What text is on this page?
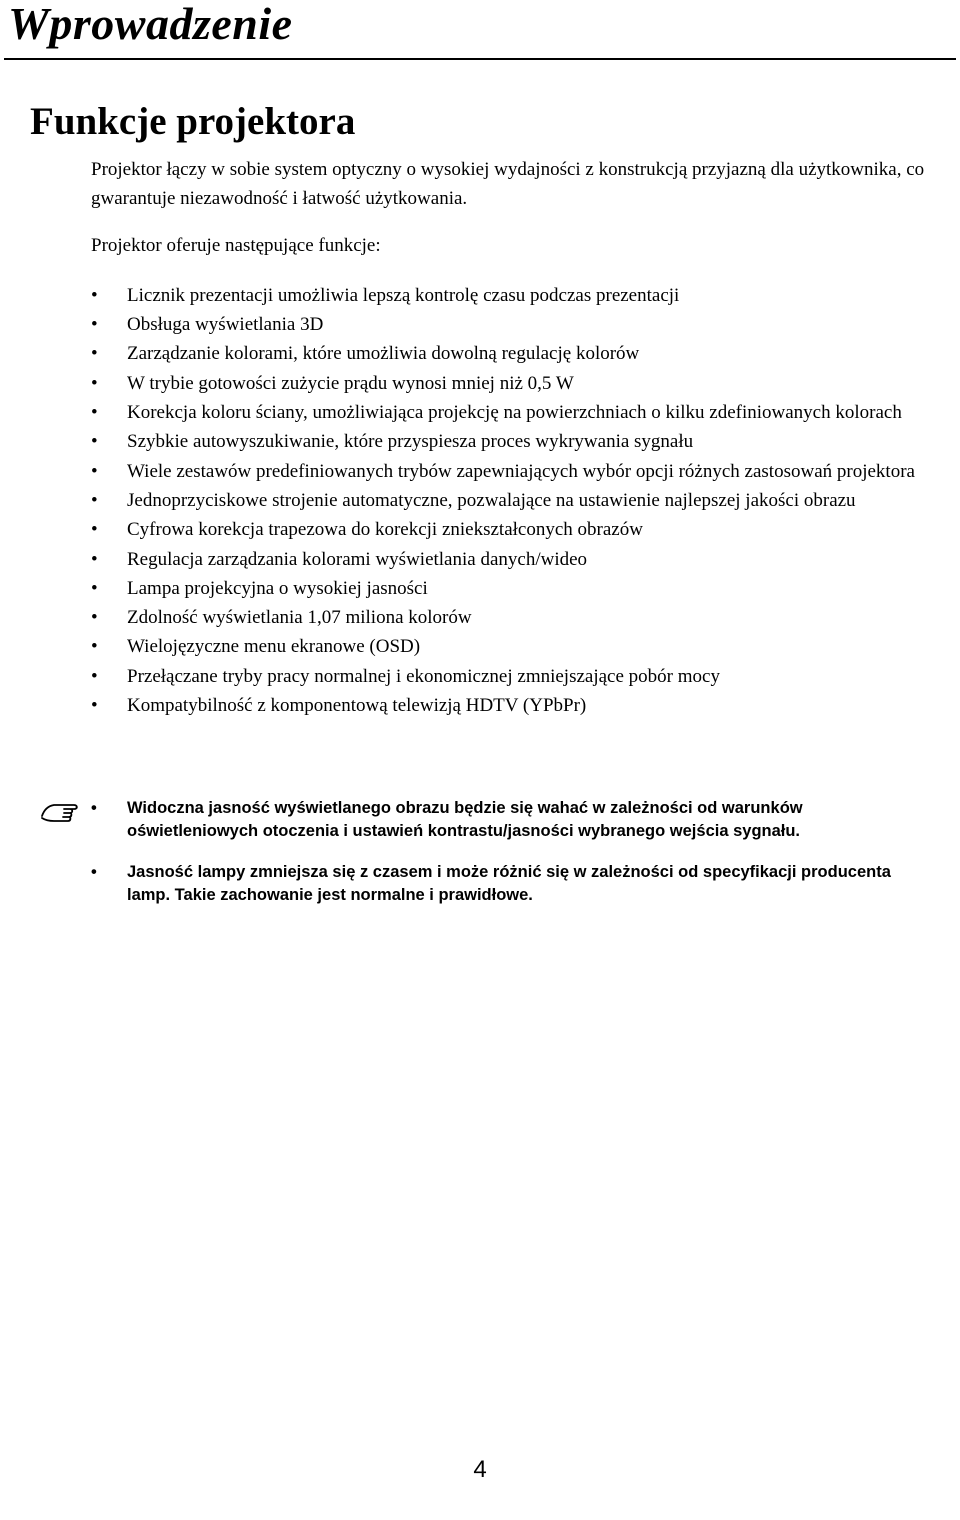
Wprowadzenie
Funkcje projektora

Projektor łączy w sobie system optyczny o wysokiej wydajności z konstrukcją przyjazną dla użytkownika, co gwarantuje niezawodność i łatwość użytkowania.

Projektor oferuje następujące funkcje:

• Licznik prezentacji umożliwia lepszą kontrolę czasu podczas prezentacji
• Obsługa wyświetlania 3D
• Zarządzanie kolorami, które umożliwia dowolną regulację kolorów
• W trybie gotowości zużycie prądu wynosi mniej niż 0,5 W
• Korekcja koloru ściany, umożliwiająca projekcję na powierzchniach o kilku zdefiniowanych kolorach
• Szybkie autowyszukiwanie, które przyspiesza proces wykrywania sygnału
• Wiele zestawów predefiniowanych trybów zapewniających wybór opcji różnych zastosowań projektora
• Jednoprzyciskowe strojenie automatyczne, pozwalające na ustawienie najlepszej jakości obrazu
• Cyfrowa korekcja trapezowa do korekcji zniekształconych obrazów
• Regulacja zarządzania kolorami wyświetlania danych/wideo
• Lampa projekcyjna o wysokiej jasności
• Zdolność wyświetlania 1,07 miliona kolorów
• Wielojęzyczne menu ekranowe (OSD)
• Przełączane tryby pracy normalnej i ekonomicznej zmniejszające pobór mocy
• Kompatybilność z komponentową telewizją HDTV (YPbPr)

• Widoczna jasność wyświetlanego obrazu będzie się wahać w zależności od warunków oświetleniowych otoczenia i ustawień kontrastu/jasności wybranego wejścia sygnału.

• Jasność lampy zmniejsza się z czasem i może różnić się w zależności od specyfikacji producenta lamp. Takie zachowanie jest normalne i prawidłowe.

4
